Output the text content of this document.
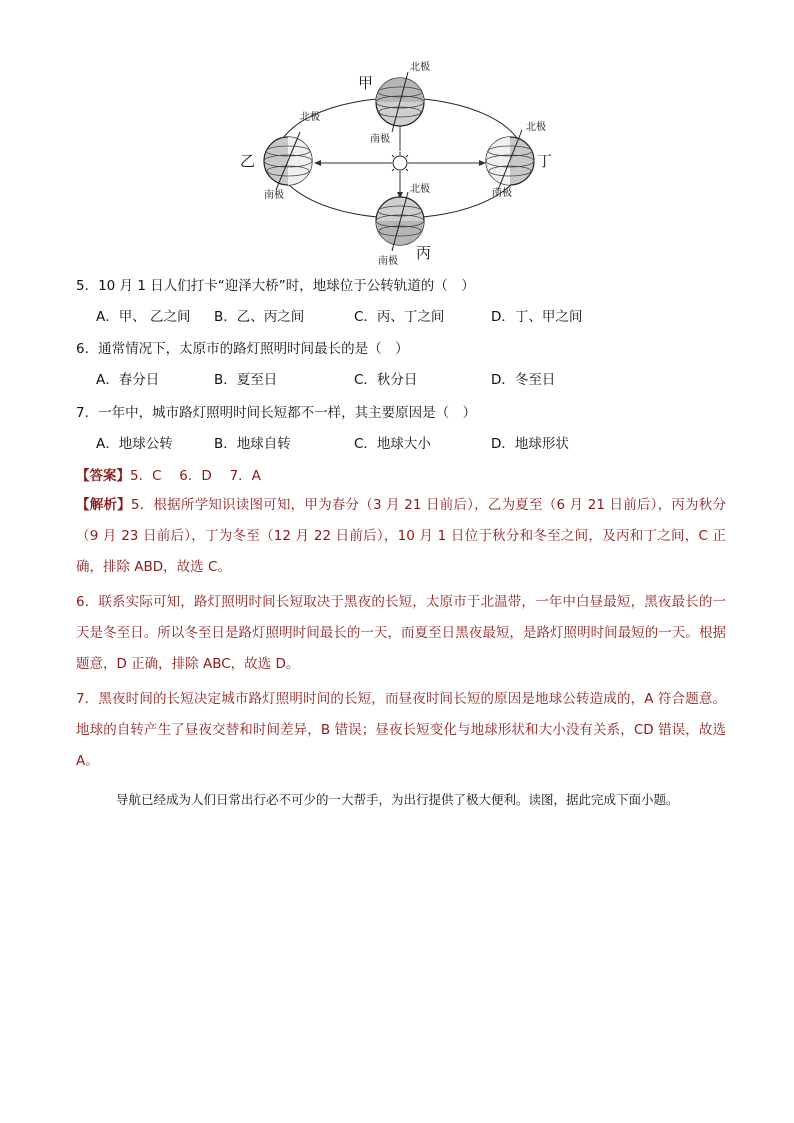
甲
北极
南极
乙
北极
南极
丁
北极
南极
丙
北极
南极
5．10 月 1 日人们打卡“迎泽大桥”时，地球位于公转轨道的（　）
A．甲、 乙之间 B．乙、丙之间	C．丙、丁之间	D．丁、甲之间
6．通常情况下，太原市的路灯照明时间最长的是（　）
A．春分日	B．夏至日	C．秋分日	D．冬至日
7．一年中，城市路灯照明时间长短都不一样，其主要原因是（　）
A．地球公转	B．地球自转	C．地球大小	D．地球形状
【答案】5．C　 6．D　 7．A
【解析】5．根据所学知识读图可知，甲为春分（3 月 21 日前后），乙为夏至（6 月 21 日前后），丙为秋分（9 月 23 日前后），丁为冬至（12 月 22 日前后），10 月 1 日位于秋分和冬至之间，及丙和丁之间，C 正确，排除 ABD，故选 C。
6．联系实际可知，路灯照明时间长短取决于黑夜的长短，太原市于北温带，一年中白昼最短，黑夜最长的一天是冬至日。所以冬至日是路灯照明时间最长的一天，而夏至日黑夜最短，是路灯照明时间最短的一天。根据题意，D 正确，排除 ABC，故选 D。
7．黑夜时间的长短决定城市路灯照明时间的长短，而昼夜时间长短的原因是地球公转造成的，A 符合题意。地球的自转产生了昼夜交替和时间差异，B 错误；昼夜长短变化与地球形状和大小没有关系，CD 错误，故选 A。
导航已经成为人们日常出行必不可少的一大帮手，为出行提供了极大便利。读图，据此完成下面小题。
